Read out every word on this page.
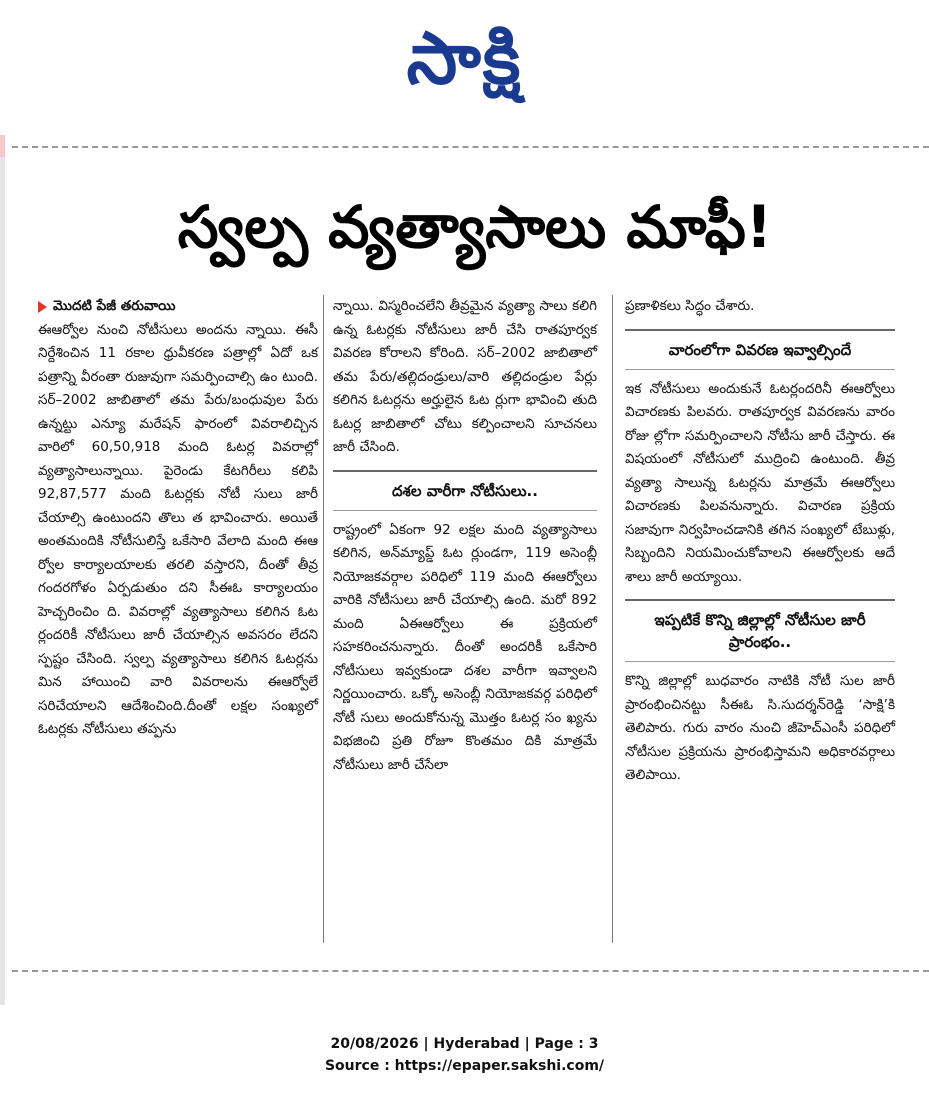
సాక్షి
స్వల్ప వ్యత్యాసాలు మాఫీ!
మొదటి పేజీ తరువాయి

ఈఆర్వోల నుంచి నోటీసులు అందను న్నాయి. ఈసీ నిర్దేశించిన 11 రకాల ధ్రువీకరణ పత్రాల్లో ఏదో ఒక పత్రాన్ని వీరంతా రుజువుగా సమర్పించాల్సి ఉం టుంది. సర్–2002 జాబితాలో తమ పేరు/బంధువుల పేరు ఉన్నట్టు ఎన్యూ మరేషన్ ఫారంలో వివరాలిచ్చిన వారిలో 60,50,918 మంది ఓటర్ల వివరాల్లో వ్యత్యాసాలున్నాయి. పైరెండు కేటగిరీలు కలిపి 92,87,577 మంది ఓటర్లకు నోటీ సులు జారీ చేయాల్సి ఉంటుందని తొలు త భావించారు. అయితే అంతమందికి నోటీసులిస్తే ఒకేసారి వేలాది మంది ఈఆ ర్వోల కార్యాలయాలకు తరలి వస్తారని, దీంతో తీవ్ర గందరగోళం ఏర్పడుతుం దని సీఈఓ కార్యాలయం హెచ్చరించిం ది. వివరాల్లో వ్యత్యాసాలు కలిగిన ఓట ర్లందరికీ నోటీసులు జారీ చేయాల్సిన అవసరం లేదని స్పష్టం చేసింది. స్వల్ప వ్యత్యాసాలు కలిగిన ఓటర్లను మిన హాయించి వారి వివరాలను ఈఆర్వోలే సరిచేయాలని ఆదేశించింది.దీంతో లక్షల సంఖ్యలో ఓటర్లకు నోటీసులు తప్పను

న్నాయి. విస్మరించలేని తీవ్రమైన వ్యత్యా సాలు కలిగి ఉన్న ఓటర్లకు నోటీసులు జారీ చేసి రాతపూర్వక వివరణ కోరాలని కోరింది. సర్–2002 జాబితాలో తమ పేరు/తల్లిదండ్రులు/వారి తల్లిదండ్రుల పేర్లు కలిగిన ఓటర్లను అర్హులైన ఓట ర్లుగా భావించి తుది ఓటర్ల జాబితాలో చోటు కల్పించాలని సూచనలు జారీ చేసింది.

దశల వారీగా నోటీసులు..

రాష్ట్రంలో ఏకంగా 92 లక్షల మంది వ్యత్యాసాలు కలిగిన, అన్‌మ్యాప్డ్ ఓట ర్లుండగా, 119 అసెంబ్లీ నియోజకవర్గాల పరిధిలో 119 మంది ఈఆర్వోలు వారికి నోటీసులు జారీ చేయాల్సి ఉంది. మరో 892 మంది ఏఈఆర్వోలు ఈ ప్రక్రియలో సహకరించనున్నారు. దీంతో అందరికీ ఒకేసారి నోటీసులు ఇవ్వకుండా దశల వారీగా ఇవ్వాలని నిర్ణయించారు. ఒక్కో అసెంబ్లీ నియోజకవర్గ పరిధిలో నోటీ సులు అందుకోనున్న మొత్తం ఓటర్ల సం ఖ్యను విభజించి ప్రతి రోజూ కొంతమం దికి మాత్రమే నోటీసులు జారీ చేసేలా

ప్రణాళికలు సిద్ధం చేశారు.

వారంలోగా వివరణ ఇవ్వాల్సిందే

ఇక నోటీసులు అందుకునే ఓటర్లందరినీ ఈఆర్వోలు విచారణకు పిలవరు. రాతపూర్వక వివరణను వారం రోజు ల్లోగా సమర్పించాలని నోటీసు జారీ చేస్తారు. ఈ విషయంలో నోటీసులో ముద్రించి ఉంటుంది. తీవ్ర వ్యత్యా సాలున్న ఓటర్లను మాత్రమే ఈఆర్వోలు విచారణకు పిలవనున్నారు. విచారణ ప్రక్రియ సజావుగా నిర్వహించడానికి తగిన సంఖ్యలో టేబుళ్లు, సిబ్బందిని నియమించుకోవాలని ఈఆర్వోలకు ఆదే శాలు జారీ అయ్యాయి.

ఇప్పటికే కొన్ని జిల్లాల్లో నోటీసుల జారీ ప్రారంభం..

కొన్ని జిల్లాల్లో బుధవారం నాటికి నోటీ సుల జారీ ప్రారంభించినట్టు సీఈఓ సి.సుదర్శన్‌రెడ్డి ‘సాక్షి’కి తెలిపారు. గురు వారం నుంచి జీహెచ్‌ఎంసీ పరిధిలో నోటీసుల ప్రక్రియను ప్రారంభిస్తామని అధికారవర్గాలు తెలిపాయి.

20/08/2026 | Hyderabad | Page : 3
Source : https://epaper.sakshi.com/
